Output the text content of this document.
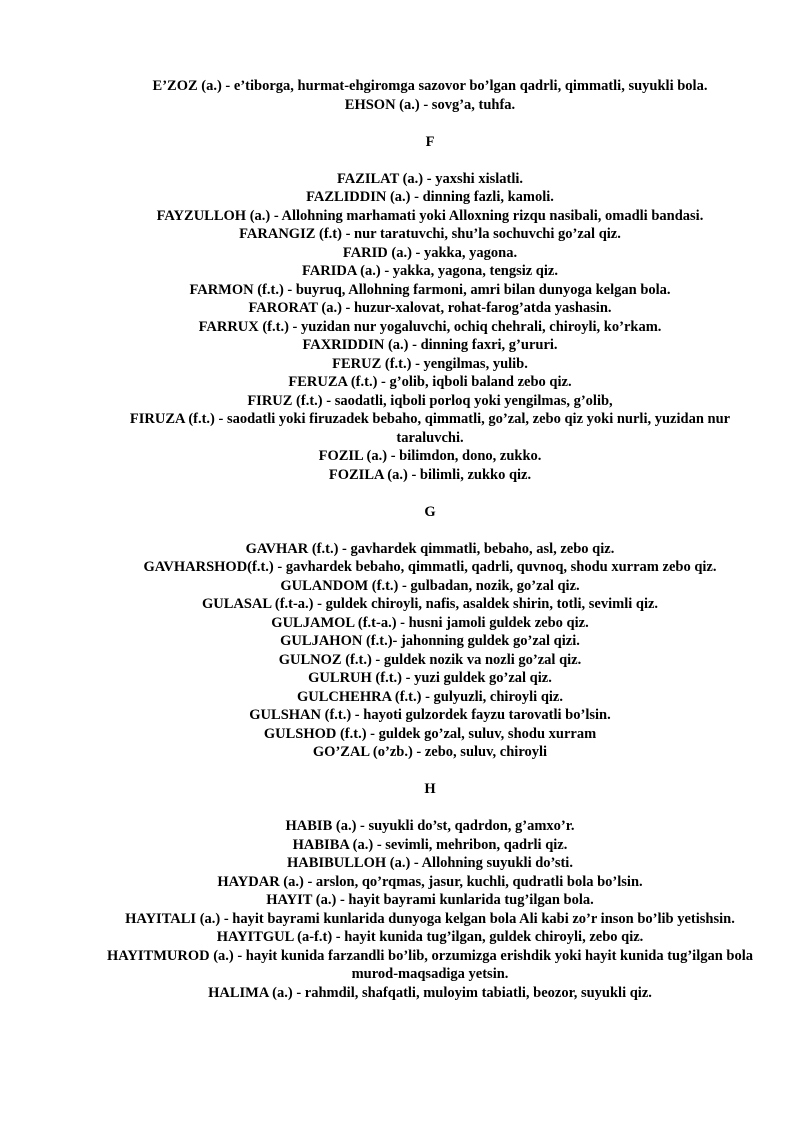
E’ZOZ (a.) - e’tiborga, hurmat-ehgiromga sazovor bo’lgan qadrli, qimmatli, suyukli bola.

EHSON (a.) - sovg’a, tuhfa.

F

FAZILAT (a.) - yaxshi xislatli.

FAZLIDDIN (a.) - dinning fazli, kamoli.

FAYZULLOH (a.) - Allohning marhamati yoki Alloxning rizqu nasibali, omadli bandasi.

FARANGIZ (f.t) - nur taratuvchi, shu’la sochuvchi go’zal qiz.

FARID (a.) - yakka, yagona.

FARIDA (a.) - yakka, yagona, tengsiz qiz.

FARMON (f.t.) - buyruq, Allohning farmoni, amri bilan dunyoga kelgan bola.

FARORAT (a.) - huzur-xalovat, rohat-farog’atda yashasin.

FARRUX (f.t.) - yuzidan nur yogaluvchi, ochiq chehrali, chiroyli, ko’rkam.

FAXRIDDIN (a.) - dinning faxri, g’ururi.

FERUZ (f.t.) - yengilmas, yulib.

FERUZA (f.t.) - g’olib, iqboli baland zebo qiz.

FIRUZ (f.t.) - saodatli, iqboli porloq yoki yengilmas, g’olib,

FIRUZA (f.t.) - saodatli yoki firuzadek bebaho, qimmatli, go’zal, zebo qiz yoki nurli, yuzidan nur taraluvchi.

FOZIL (a.) - bilimdon, dono, zukko.

FOZILA (a.) - bilimli, zukko qiz.

G

GAVHAR (f.t.) - gavhardek qimmatli, bebaho, asl, zebo qiz.

GAVHARSHOD(f.t.) - gavhardek bebaho, qimmatli, qadrli, quvnoq, shodu xurram zebo qiz.

GULANDOM (f.t.) - gulbadan, nozik, go’zal qiz.

GULASAL (f.t-a.) - guldek chiroyli, nafis, asaldek shirin, totli, sevimli qiz.

GULJAMOL (f.t-a.) - husni jamoli guldek zebo qiz.

GULJAHON (f.t.)- jahonning guldek go’zal qizi.

GULNOZ (f.t.) - guldek nozik va nozli go’zal qiz.

GULRUH (f.t.) - yuzi guldek go’zal qiz.

GULCHEHRA (f.t.) - gulyuzli, chiroyli qiz.

GULSHAN (f.t.) - hayoti gulzordek fayzu tarovatli bo’lsin.

GULSHOD (f.t.) - guldek go’zal, suluv, shodu xurram

GO’ZAL (o’zb.) - zebo, suluv, chiroyli

H

HABIB (a.) - suyukli do’st, qadrdon, g’amxo’r.

HABIBA (a.) - sevimli, mehribon, qadrli qiz.

HABIBULLOH (a.) - Allohning suyukli do’sti.

HAYDAR (a.) - arslon, qo’rqmas, jasur, kuchli, qudratli bola bo’lsin.

HAYIT (a.) - hayit bayrami kunlarida tug’ilgan bola.

HAYITALI (a.) - hayit bayrami kunlarida dunyoga kelgan bola Ali kabi zo’r inson bo’lib yetishsin.

HAYITGUL (a-f.t) - hayit kunida tug’ilgan, guldek chiroyli, zebo qiz.

HAYITMUROD (a.) - hayit kunida farzandli bo’lib, orzumizga erishdik yoki hayit kunida tug’ilgan bola murod-maqsadiga yetsin.

HALIMA (a.) - rahmdil, shafqatli, muloyim tabiatli, beozor, suyukli qiz.
